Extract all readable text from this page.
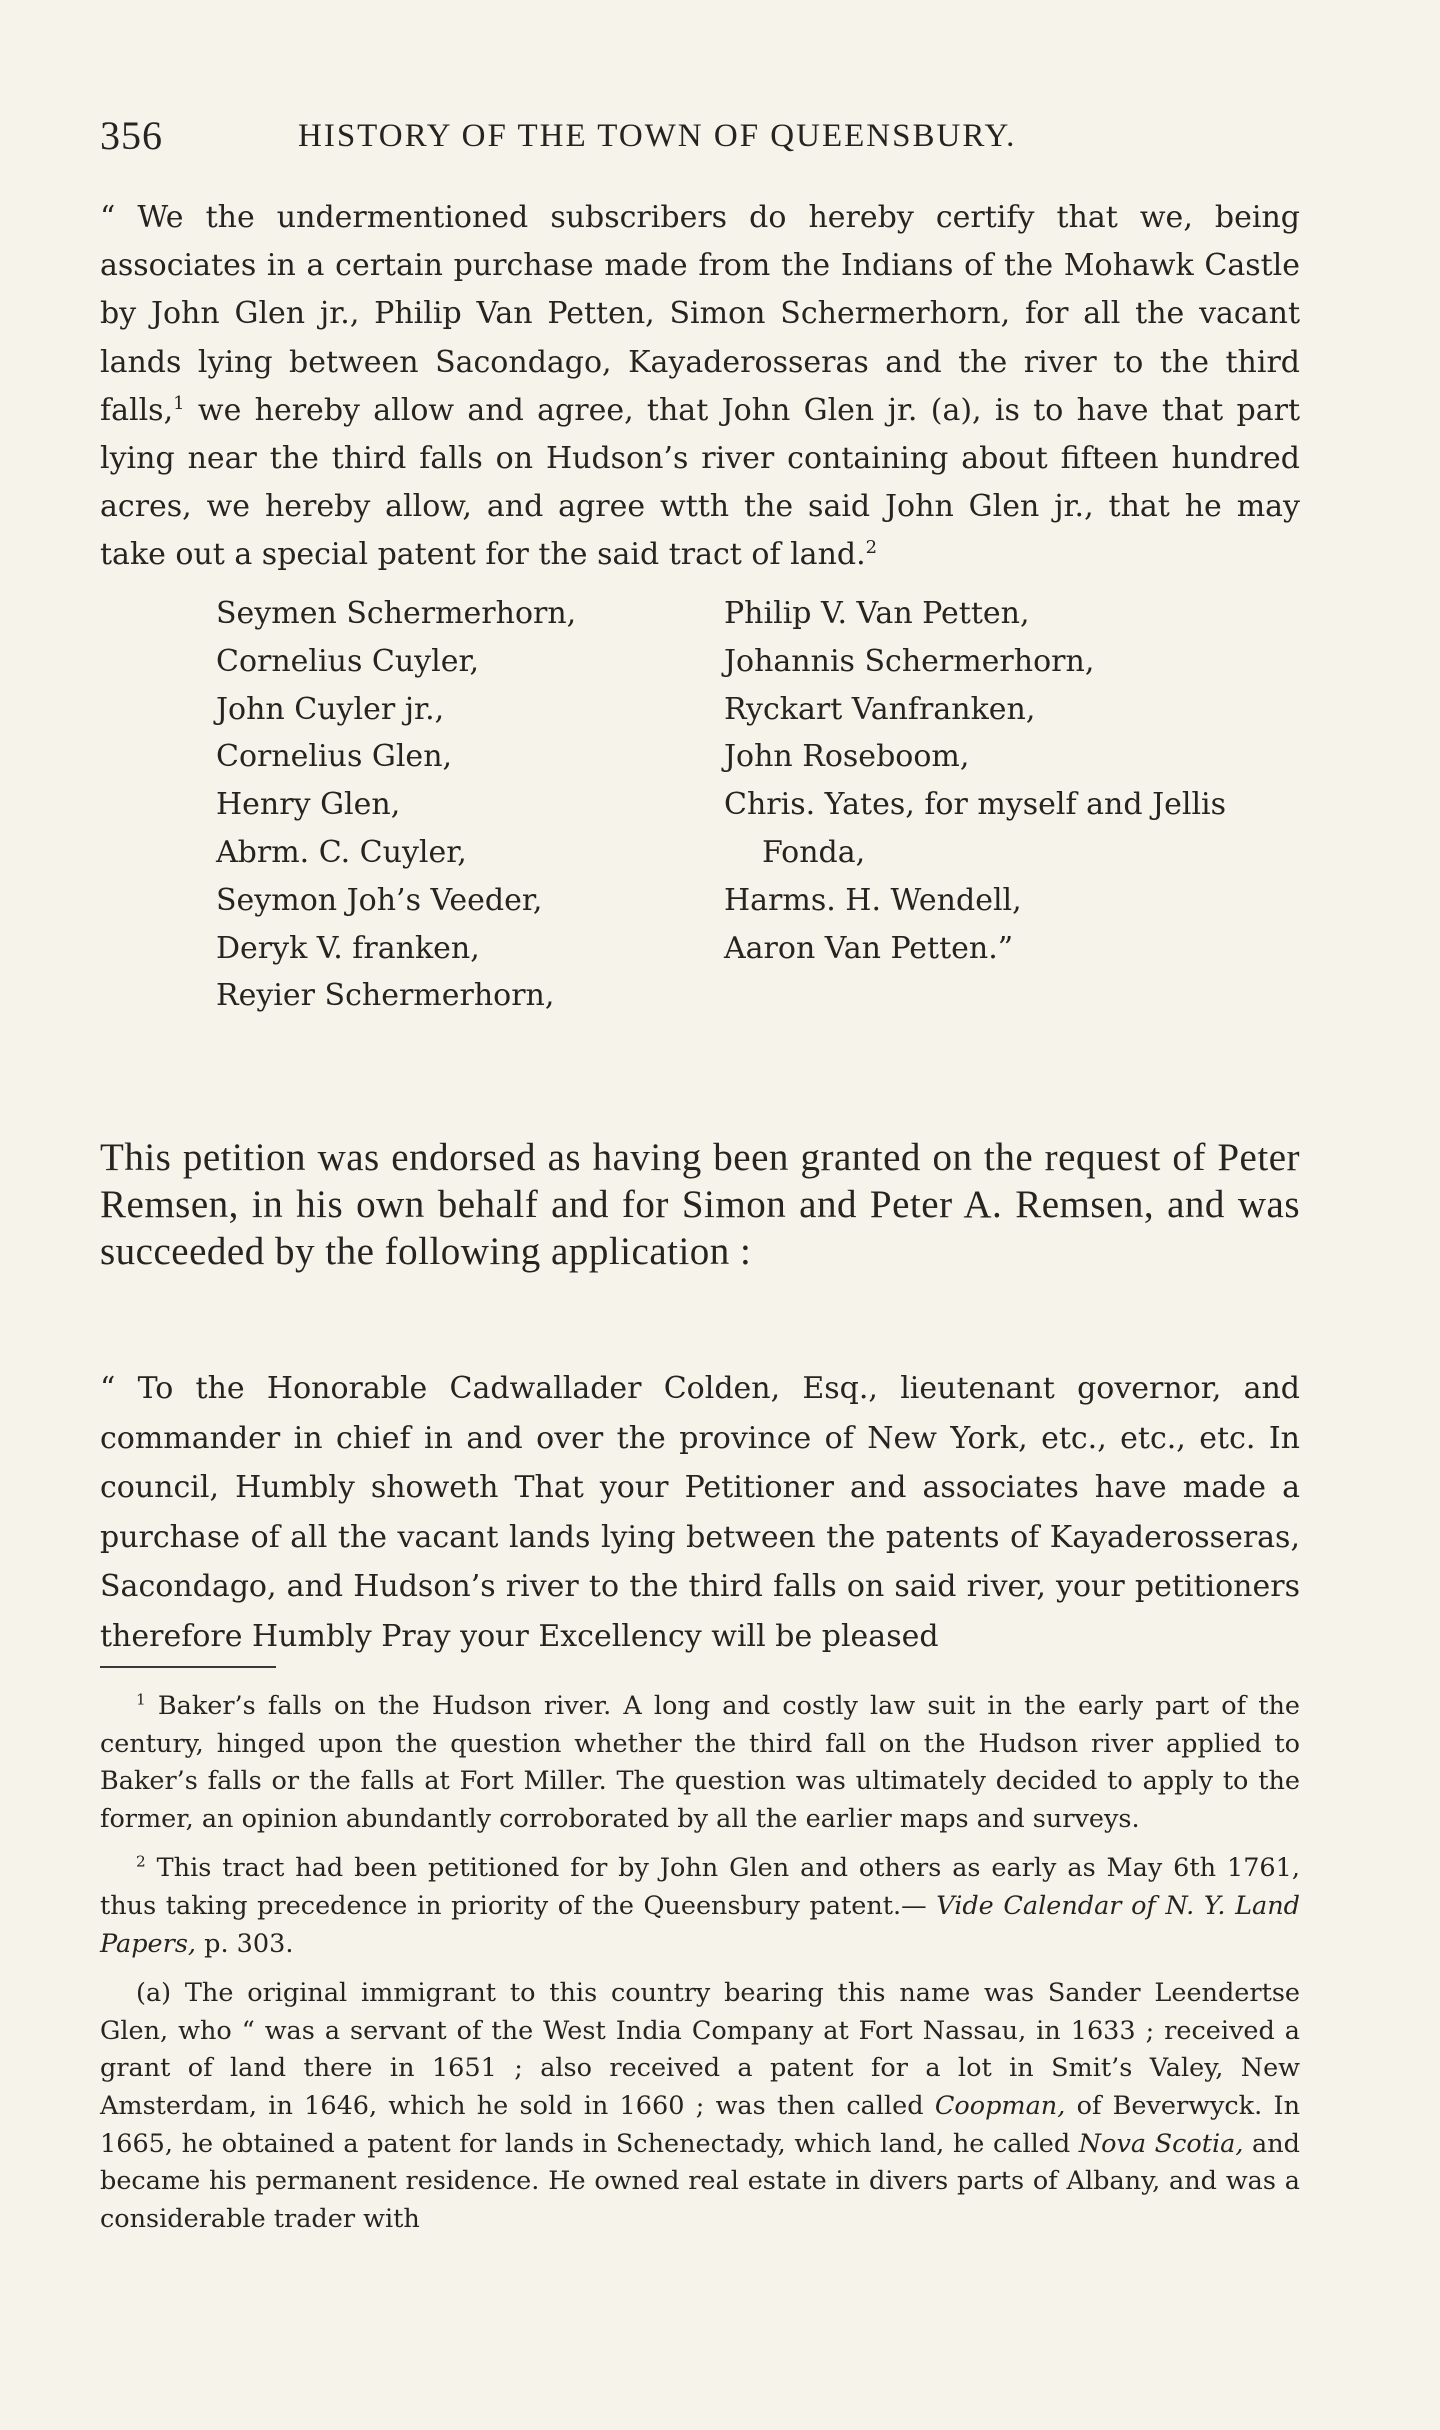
356	HISTORY OF THE TOWN OF QUEENSBURY.

“ We the undermentioned subscribers do hereby certify that we, being associates in a certain purchase made from the Indians of the Mohawk Castle by John Glen jr., Philip Van Petten, Simon Schermerhorn, for all the vacant lands lying between Sacondago, Kayaderosseras and the river to the third falls,$^1$ we hereby allow and agree, that John Glen jr. (a), is to have that part lying near the third falls on Hudson’s river containing about fifteen hundred acres, we hereby allow, and agree wtth the said John Glen jr., that he may take out a special patent for the said tract of land.$^2$

Seymen Schermerhorn,
Cornelius Cuyler,
John Cuyler jr.,
Cornelius Glen,
Henry Glen,
Abrm. C. Cuyler,
Seymon Joh’s Veeder,
Deryk V. franken,
Reyier Schermerhorn,
Philip V. Van Petten,
Johannis Schermerhorn,
Ryckart Vanfranken,
John Roseboom,
Chris. Yates, for myself and Jellis
Fonda,
Harms. H. Wendell,
Aaron Van Petten.”

This petition was endorsed as having been granted on the request of Peter Remsen, in his own behalf and for Simon and Peter A. Remsen, and was succeeded by the following application :

“ To the Honorable Cadwallader Colden, Esq., lieutenant governor, and commander in chief in and over the province of New York, etc., etc., etc. In council, Humbly showeth That your Petitioner and associates have made a purchase of all the vacant lands lying between the patents of Kayaderosseras, Sacondago, and Hudson’s river to the third falls on said river, your petitioners therefore Humbly Pray your Excellency will be pleased

$^1$ Baker’s falls on the Hudson river. A long and costly law suit in the early part of the century, hinged upon the question whether the third fall on the Hudson river applied to Baker’s falls or the falls at Fort Miller. The question was ultimately decided to apply to the former, an opinion abundantly corroborated by all the earlier maps and surveys.

$^2$ This tract had been petitioned for by John Glen and others as early as May 6th 1761, thus taking precedence in priority of the Queensbury patent.— Vide Calendar of N. Y. Land Papers, p. 303.

(a) The original immigrant to this country bearing this name was Sander Leendertse Glen, who “ was a servant of the West India Company at Fort Nassau, in 1633 ; received a grant of land there in 1651 ; also received a patent for a lot in Smit’s Valey, New Amsterdam, in 1646, which he sold in 1660 ; was then called Coopman, of Beverwyck. In 1665, he obtained a patent for lands in Schenectady, which land, he called Nova Scotia, and became his permanent residence. He owned real estate in divers parts of Albany, and was a considerable trader with
